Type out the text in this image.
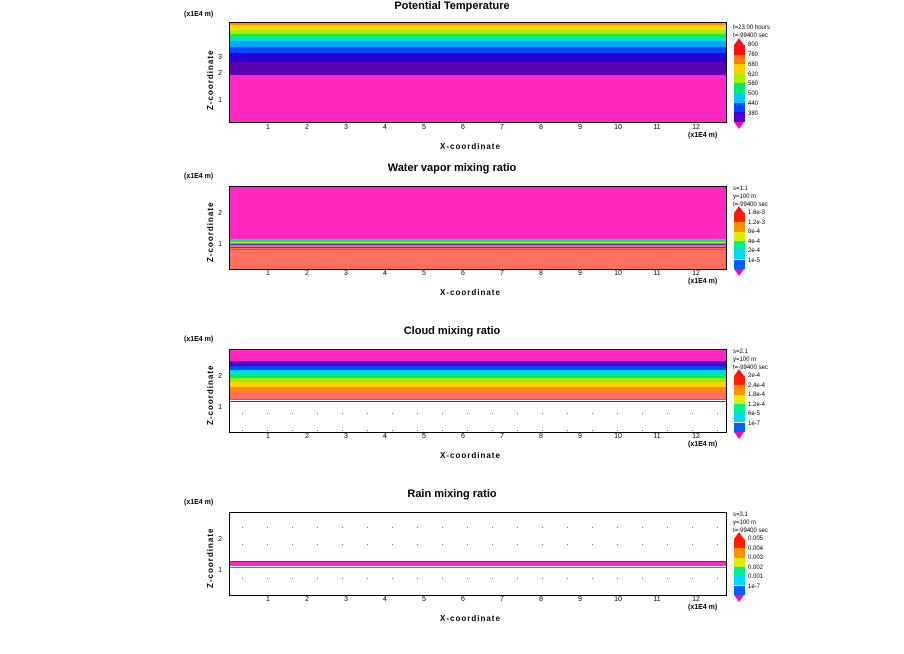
Potential Temperature
(x1E4 m)
Z-coordinate 3
2
1
1	2	3	4	5	6	7	8	9	10	11	12
(x1E4 m)
X-coordinate
t=23.00 hours
t=-99400 sec
800
760
680
620
560
500
440
380
Water vapor mixing ratio
(x1E4 m)
Z-coordinate 2
1
1	2	3	4	5	6	7	8	9	10	11	12
(x1E4 m)
X-coordinate
s=1.1
y=100 m
t=-99400 sec
1.6e-3
1.2e-3
8e-4
4e-4
2e-4
1e-5
Cloud mixing ratio
(x1E4 m)
Z-coordinate 2
1
1	2	3	4	5	6	7	8	9	10	11	12
(x1E4 m)
X-coordinate
s=2.1
y=100 m
t=-99400 sec
2e-4
2.4e-4
1.8e-4
1.2e-4
6e-5
1e-7
Rain mixing ratio
(x1E4 m)
Z-coordinate 2
1
1	2	3	4	5	6	7	8	9	10	11	12
(x1E4 m)
X-coordinate
s=3.1
y=100 m
t=-99400 sec
0.005
0.004
0.003
0.002
0.001
1e-7
